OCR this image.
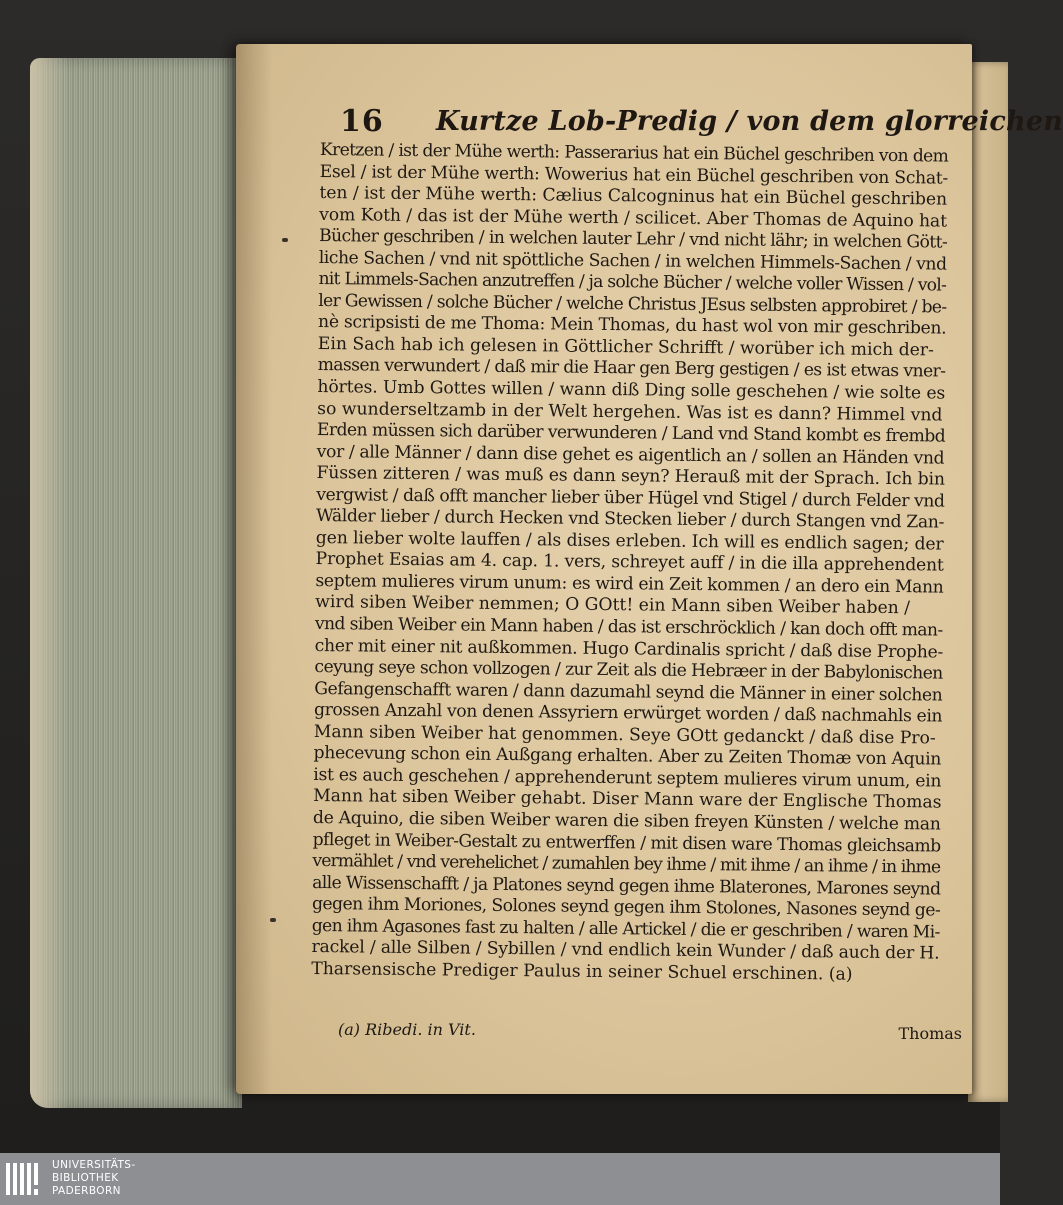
16 Kurtze Lob-Predig / von dem glorreichen
Kretzen / ist der Mühe werth: Passerarius hat ein Büchel geschriben von dem
Esel / ist der Mühe werth: Wowerius hat ein Büchel geschriben von Schat-
ten / ist der Mühe werth: Cælius Calcogninus hat ein Büchel geschriben
vom Koth / das ist der Mühe werth / scilicet. Aber Thomas de Aquino hat
Bücher geschriben / in welchen lauter Lehr / vnd nicht lähr; in welchen Gött-
liche Sachen / vnd nit spöttliche Sachen / in welchen Himmels-Sachen / vnd
nit Limmels-Sachen anzutreffen / ja solche Bücher / welche voller Wissen / vol-
ler Gewissen / solche Bücher / welche Christus JEsus selbsten approbiret / be-
nè scripsisti de me Thoma: Mein Thomas, du hast wol von mir geschriben.
Ein Sach hab ich gelesen in Göttlicher Schrifft / worüber ich mich der-
massen verwundert / daß mir die Haar gen Berg gestigen / es ist etwas vner-
hörtes. Umb Gottes willen / wann diß Ding solle geschehen / wie solte es
so wunderseltzamb in der Welt hergehen. Was ist es dann? Himmel vnd
Erden müssen sich darüber verwunderen / Land vnd Stand kombt es frembd
vor / alle Männer / dann dise gehet es aigentlich an / sollen an Händen vnd
Füssen zitteren / was muß es dann seyn? Herauß mit der Sprach. Ich bin
vergwist / daß offt mancher lieber über Hügel vnd Stigel / durch Felder vnd
Wälder lieber / durch Hecken vnd Stecken lieber / durch Stangen vnd Zan-
gen lieber wolte lauffen / als dises erleben. Ich will es endlich sagen; der
Prophet Esaias am 4. cap. 1. vers, schreyet auff / in die illa apprehendent
septem mulieres virum unum: es wird ein Zeit kommen / an dero ein Mann
wird siben Weiber nemmen; O GOtt! ein Mann siben Weiber haben /
vnd siben Weiber ein Mann haben / das ist erschröcklich / kan doch offt man-
cher mit einer nit außkommen. Hugo Cardinalis spricht / daß dise Prophe-
ceyung seye schon vollzogen / zur Zeit als die Hebræer in der Babylonischen
Gefangenschafft waren / dann dazumahl seynd die Männer in einer solchen
grossen Anzahl von denen Assyriern erwürget worden / daß nachmahls ein
Mann siben Weiber hat genommen. Seye GOtt gedanckt / daß dise Pro-
phecevung schon ein Außgang erhalten. Aber zu Zeiten Thomæ von Aquin
ist es auch geschehen / apprehenderunt septem mulieres virum unum, ein
Mann hat siben Weiber gehabt. Diser Mann ware der Englische Thomas
de Aquino, die siben Weiber waren die siben freyen Künsten / welche man
pfleget in Weiber-Gestalt zu entwerffen / mit disen ware Thomas gleichsamb
vermählet / vnd verehelichet / zumahlen bey ihme / mit ihme / an ihme / in ihme
alle Wissenschafft / ja Platones seynd gegen ihme Blaterones, Marones seynd
gegen ihm Moriones, Solones seynd gegen ihm Stolones, Nasones seynd ge-
gen ihm Agasones fast zu halten / alle Artickel / die er geschriben / waren Mi-
rackel / alle Silben / Sybillen / vnd endlich kein Wunder / daß auch der H.
Tharsensische Prediger Paulus in seiner Schuel erschinen. (a)
(a) Ribedi. in Vit.	Thomas
UNIVERSITÄTS-
BIBLIOTHEK
PADERBORN
